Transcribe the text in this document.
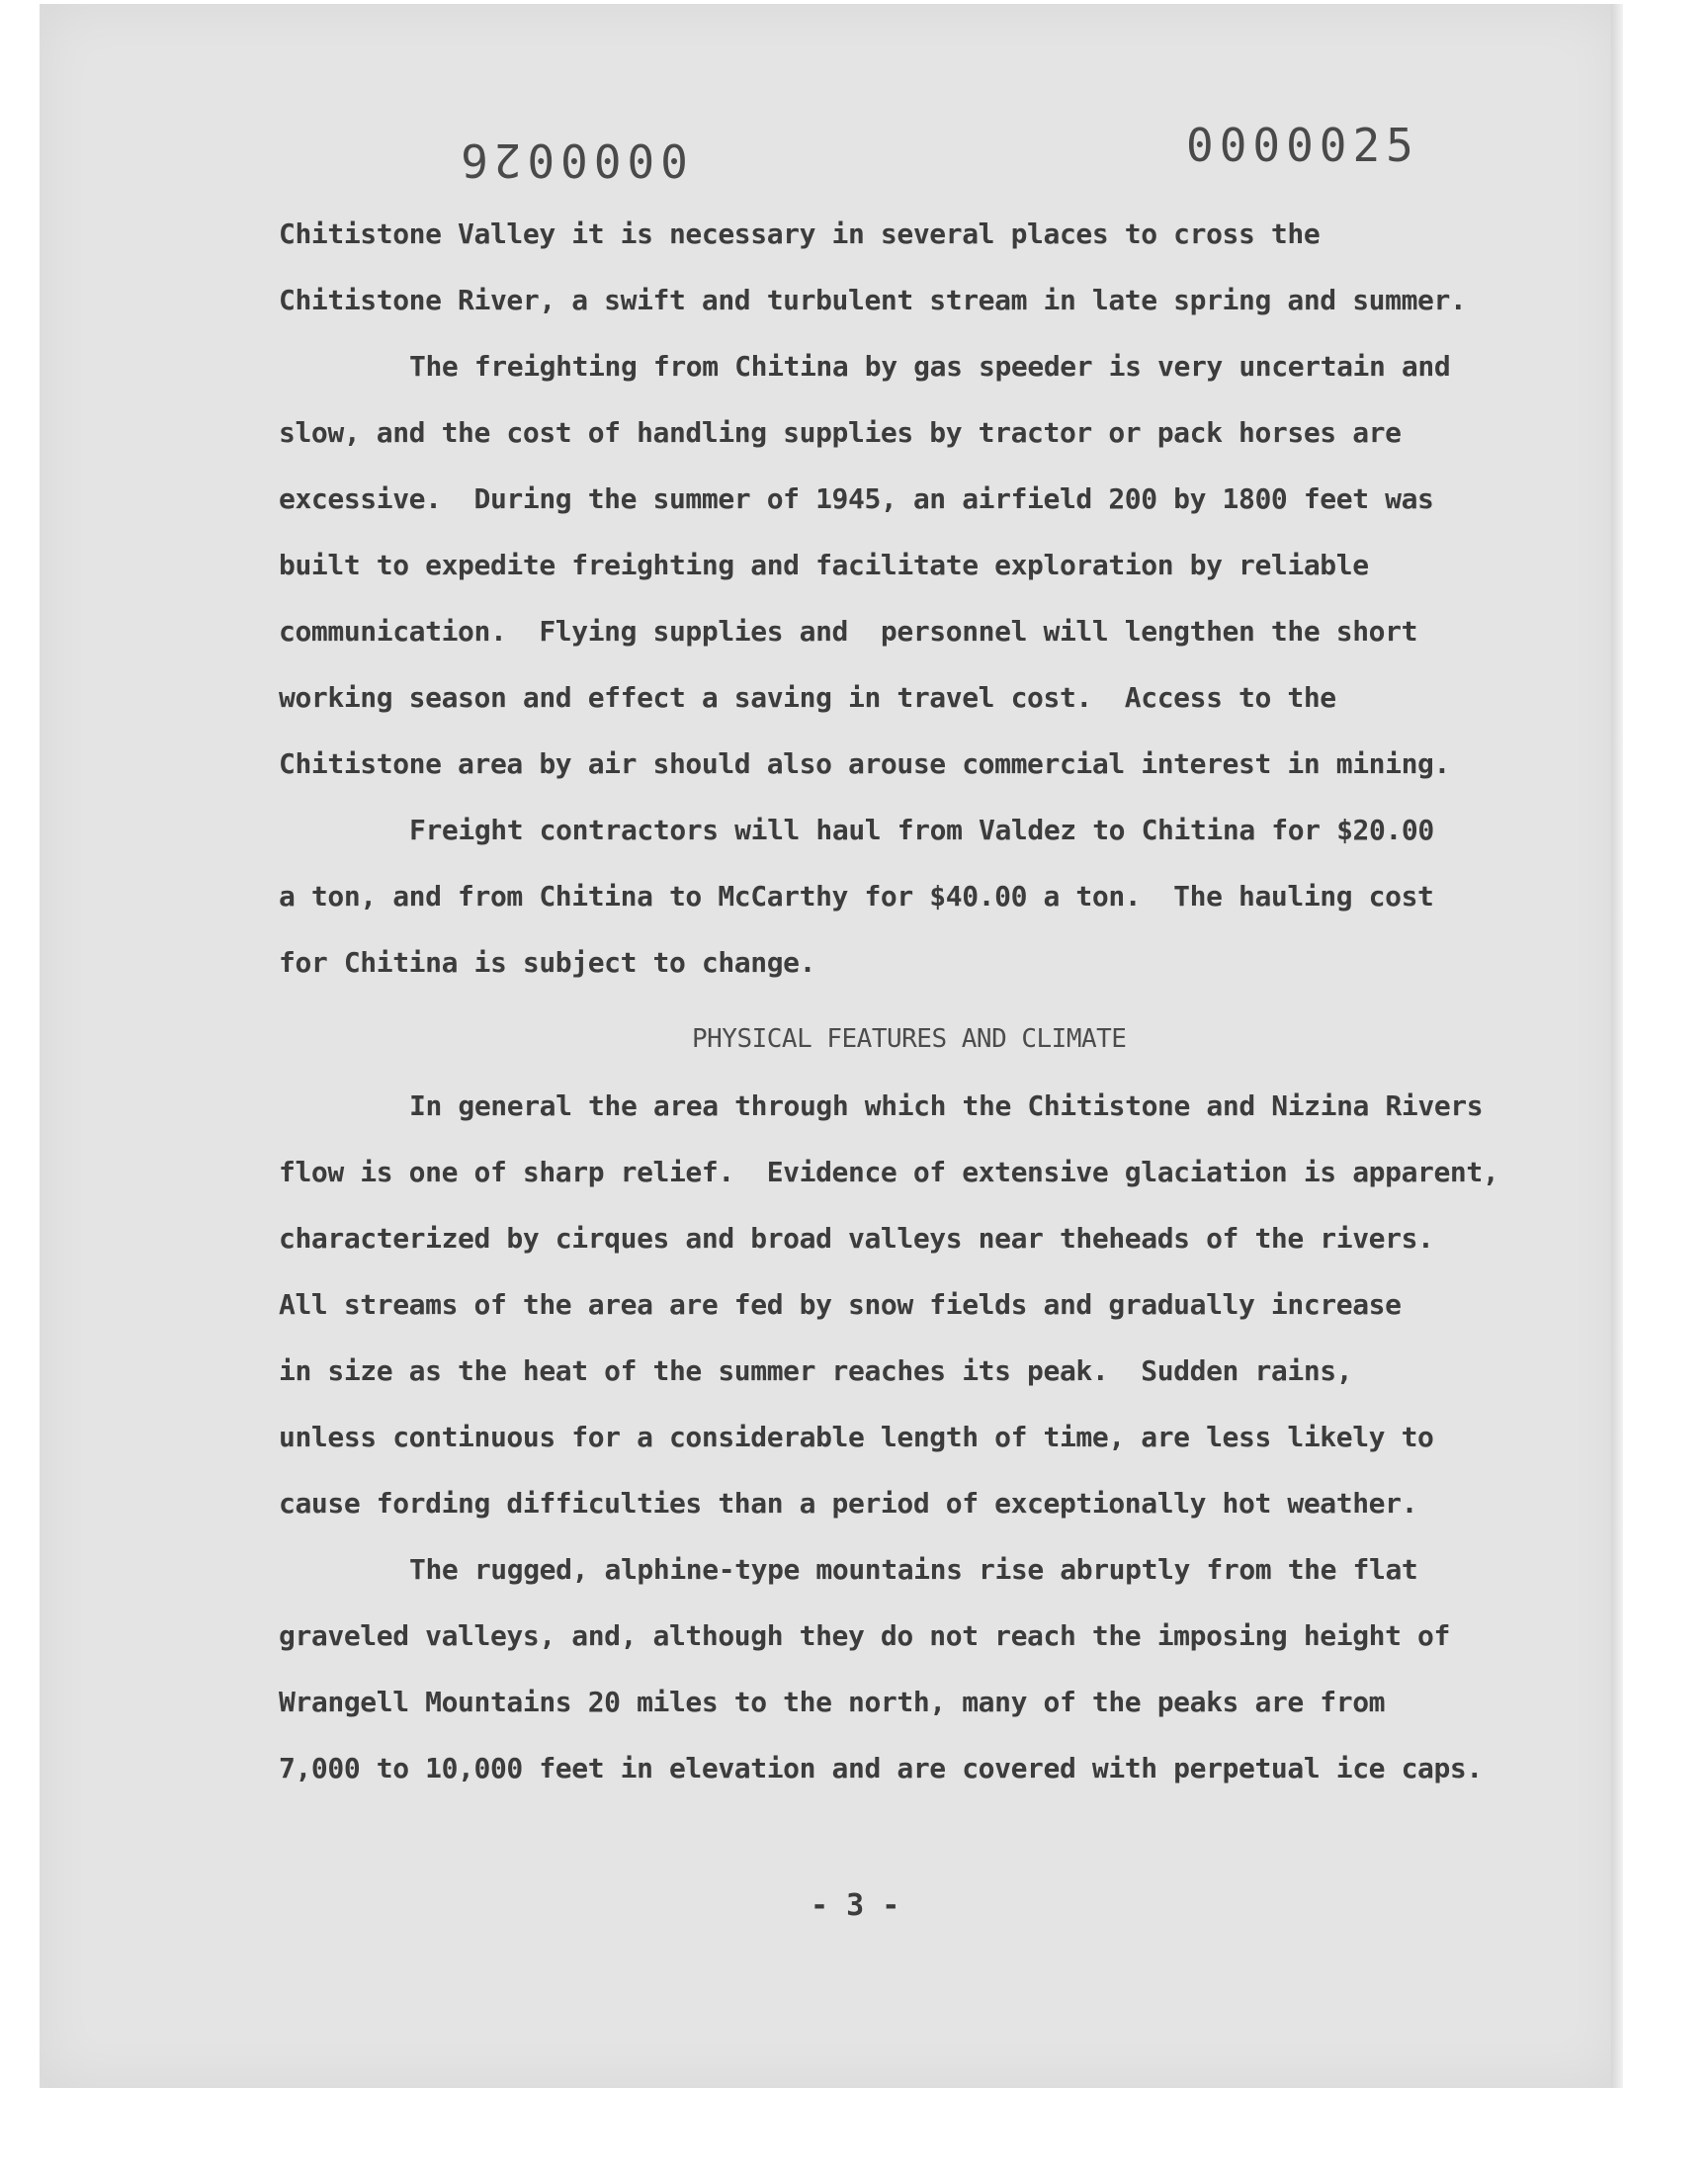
0000026	0000025
Chitistone Valley it is necessary in several places to cross the
Chitistone River, a swift and turbulent stream in late spring and summer.
The freighting from Chitina by gas speeder is very uncertain and
slow, and the cost of handling supplies by tractor or pack horses are
excessive.  During the summer of 1945, an airfield 200 by 1800 feet was
built to expedite freighting and facilitate exploration by reliable
communication.  Flying supplies and  personnel will lengthen the short
working season and effect a saving in travel cost.  Access to the
Chitistone area by air should also arouse commercial interest in mining.
Freight contractors will haul from Valdez to Chitina for $20.00
a ton, and from Chitina to McCarthy for $40.00 a ton.  The hauling cost
for Chitina is subject to change.
PHYSICAL FEATURES AND CLIMATE
In general the area through which the Chitistone and Nizina Rivers
flow is one of sharp relief.  Evidence of extensive glaciation is apparent,
characterized by cirques and broad valleys near theheads of the rivers.
All streams of the area are fed by snow fields and gradually increase
in size as the heat of the summer reaches its peak.  Sudden rains,
unless continuous for a considerable length of time, are less likely to
cause fording difficulties than a period of exceptionally hot weather.
The rugged, alphine-type mountains rise abruptly from the flat
graveled valleys, and, although they do not reach the imposing height of
Wrangell Mountains 20 miles to the north, many of the peaks are from
7,000 to 10,000 feet in elevation and are covered with perpetual ice caps.
- 3 -
